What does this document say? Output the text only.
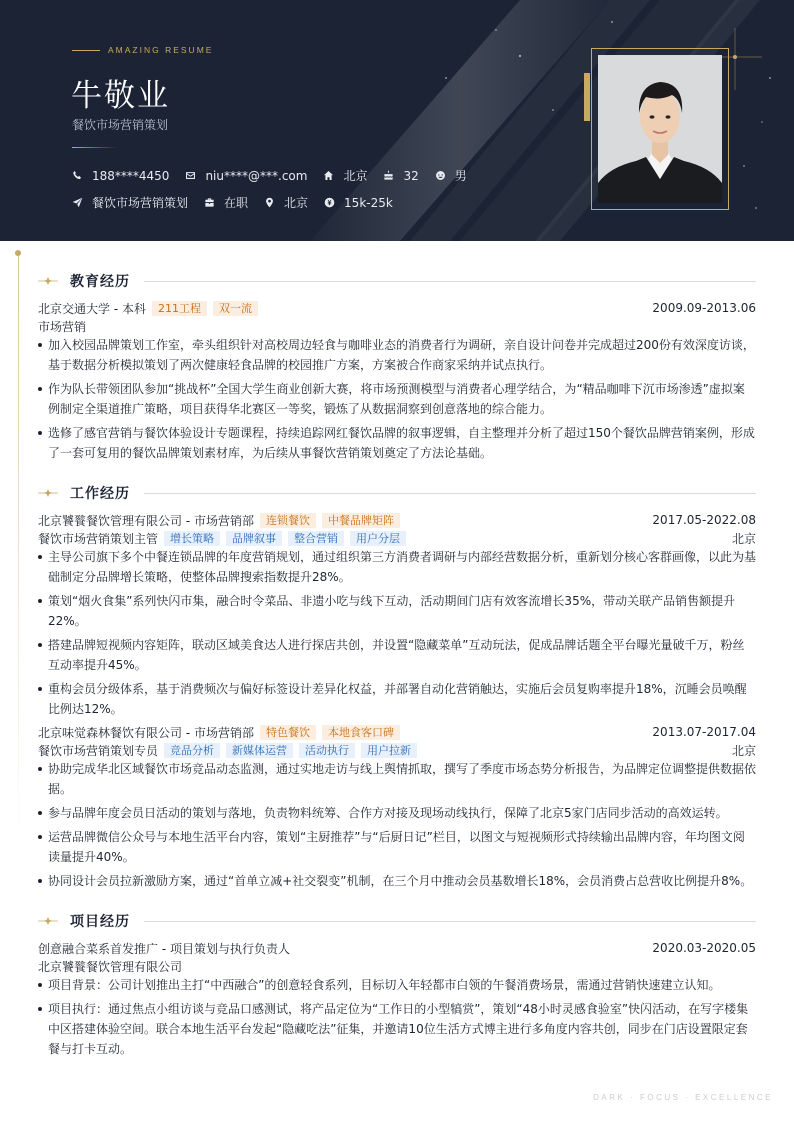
AMAZING RESUME
牛敬业
餐饮市场营销策划
188****4450	niu****@***.com	北京	32	男
餐饮市场营销策划	在职	北京	15k-25k
教育经历
北京交通大学 - 本科	211工程	双一流	2009.09-2013.06
市场营销
加入校园品牌策划工作室，牵头组织针对高校周边轻食与咖啡业态的消费者行为调研，亲自设计问卷并完成超过200份有效深度访谈，基于数据分析模拟策划了两次健康轻食品牌的校园推广方案，方案被合作商家采纳并试点执行。
作为队长带领团队参加“挑战杯”全国大学生商业创新大赛，将市场预测模型与消费者心理学结合，为“精品咖啡下沉市场渗透”虚拟案例制定全渠道推广策略，项目获得华北赛区一等奖，锻炼了从数据洞察到创意落地的综合能力。
选修了感官营销与餐饮体验设计专题课程，持续追踪网红餐饮品牌的叙事逻辑，自主整理并分析了超过150个餐饮品牌营销案例，形成了一套可复用的餐饮品牌策划素材库，为后续从事餐饮营销策划奠定了方法论基础。
工作经历
北京饕餮餐饮管理有限公司 - 市场营销部	连锁餐饮	中餐品牌矩阵	2017.05-2022.08
餐饮市场营销策划主管	增长策略	品牌叙事	整合营销	用户分层	北京
主导公司旗下多个中餐连锁品牌的年度营销规划，通过组织第三方消费者调研与内部经营数据分析，重新划分核心客群画像，以此为基础制定分品牌增长策略，使整体品牌搜索指数提升28%。
策划“烟火食集”系列快闪市集，融合时令菜品、非遗小吃与线下互动，活动期间门店有效客流增长35%，带动关联产品销售额提升22%。
搭建品牌短视频内容矩阵，联动区域美食达人进行探店共创，并设置“隐藏菜单”互动玩法，促成品牌话题全平台曝光量破千万，粉丝互动率提升45%。
重构会员分级体系，基于消费频次与偏好标签设计差异化权益，并部署自动化营销触达，实施后会员复购率提升18%，沉睡会员唤醒比例达12%。
北京味觉森林餐饮有限公司 - 市场营销部	特色餐饮	本地食客口碑	2013.07-2017.04
餐饮市场营销策划专员	竞品分析	新媒体运营	活动执行	用户拉新	北京
协助完成华北区域餐饮市场竞品动态监测，通过实地走访与线上舆情抓取，撰写了季度市场态势分析报告，为品牌定位调整提供数据依据。
参与品牌年度会员日活动的策划与落地，负责物料统筹、合作方对接及现场动线执行，保障了北京5家门店同步活动的高效运转。
运营品牌微信公众号与本地生活平台内容，策划“主厨推荐”与“后厨日记”栏目，以图文与短视频形式持续输出品牌内容，年均图文阅读量提升40%。
协同设计会员拉新激励方案，通过“首单立减+社交裂变”机制，在三个月中推动会员基数增长18%，会员消费占总营收比例提升8%。
项目经历
创意融合菜系首发推广 - 项目策划与执行负责人	2020.03-2020.05
北京饕餮餐饮管理有限公司
项目背景：公司计划推出主打“中西融合”的创意轻食系列，目标切入年轻都市白领的午餐消费场景，需通过营销快速建立认知。
项目执行：通过焦点小组访谈与竞品口感测试，将产品定位为“工作日的小型犒赏”，策划“48小时灵感食验室”快闪活动，在写字楼集中区搭建体验空间。联合本地生活平台发起“隐藏吃法”征集，并邀请10位生活方式博主进行多角度内容共创，同步在门店设置限定套餐与打卡互动。
DARK · FOCUS · EXCELLENCE
